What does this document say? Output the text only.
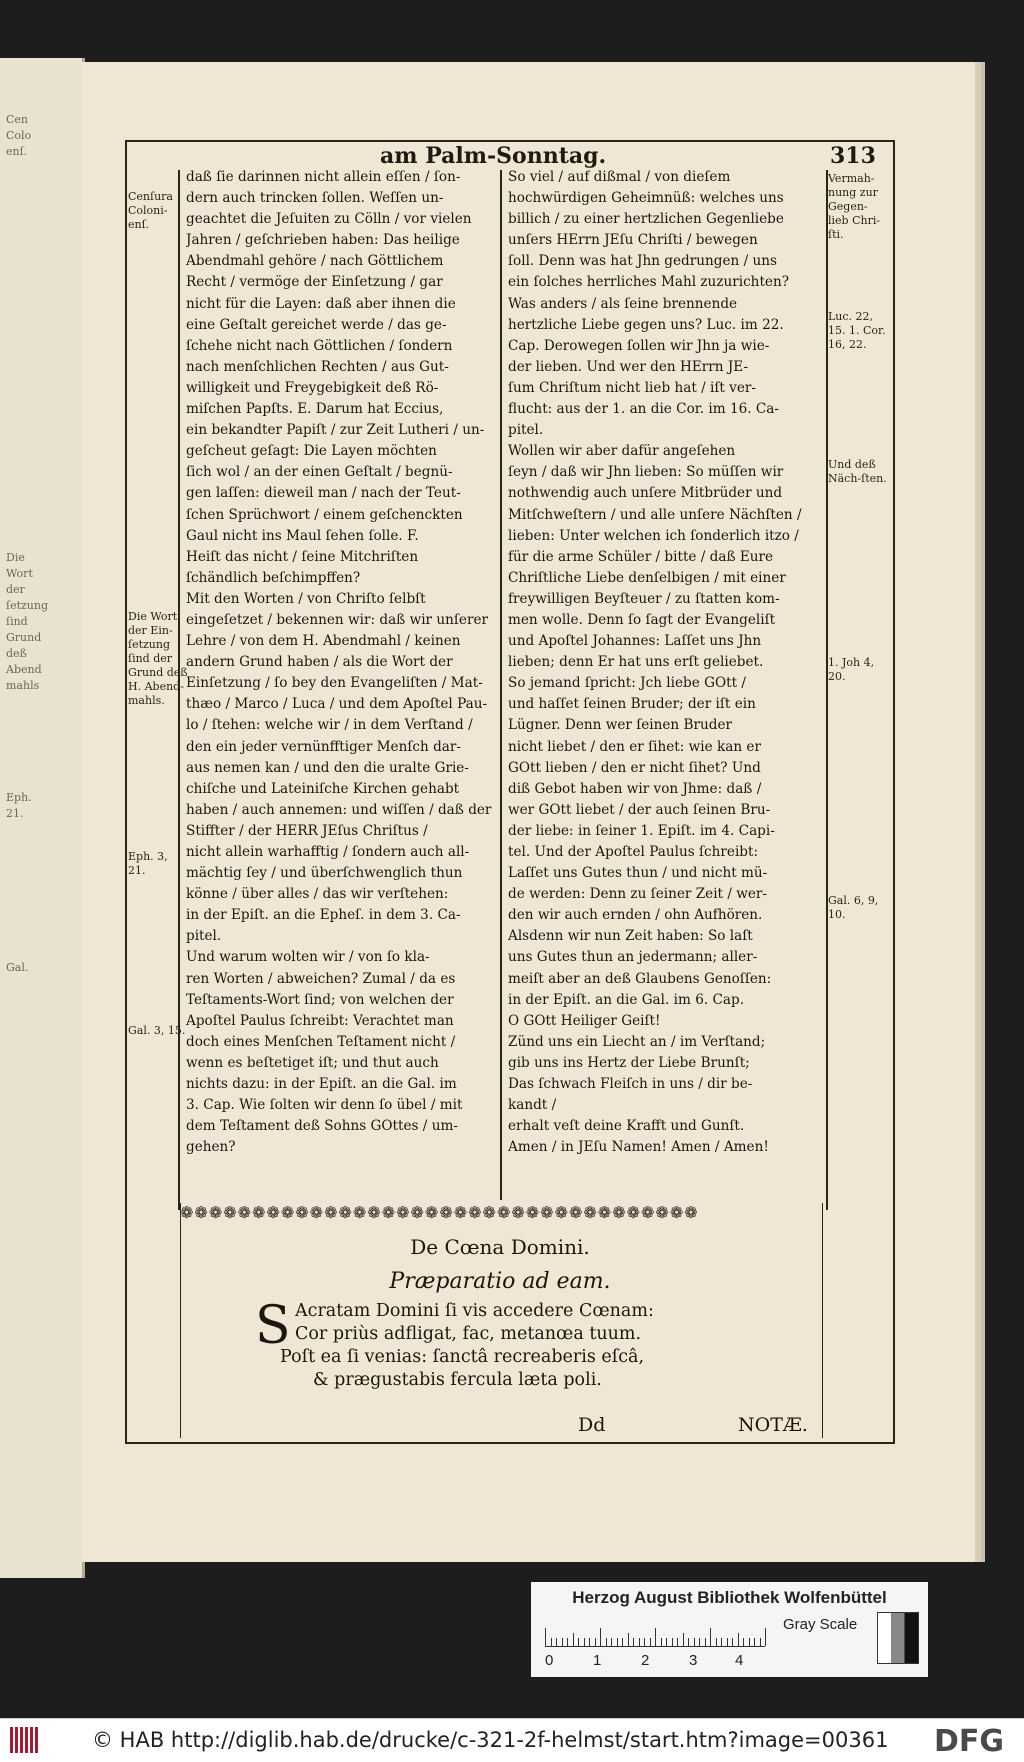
Cen
Colo
enſ.
Die
Wort
der
ſetzung
ſind
Grund
deß
Abend
mahls
Eph.
21.
Gal.
am Palm-Sonntag.	313
Cenſura Coloni-enſ.
Die Wort der Ein-ſetzung ſind der Grund deß H. Abend-mahls.
Eph. 3, 21.
Gal. 3, 15.
Vermah-nung zur Gegen-lieb Chri-ſti.
Luc. 22, 15. 1. Cor. 16, 22.
Und deß Näch-ſten.
1. Joh 4, 20.
Gal. 6, 9, 10.
daß ſie darinnen nicht allein eſſen / ſon-
dern auch trincken ſollen. Weſſen un-
geachtet die Jeſuiten zu Cölln / vor vielen
Jahren / geſchrieben haben: Das heilige
Abendmahl gehöre / nach Göttlichem
Recht / vermöge der Einſetzung / gar
nicht für die Layen: daß aber ihnen die
eine Geſtalt gereichet werde / das ge-
ſchehe nicht nach Göttlichen / ſondern
nach menſchlichen Rechten / aus Gut-
willigkeit und Freygebigkeit deß Rö-
miſchen Papſts. E. Darum hat Eccius,
ein bekandter Papiſt / zur Zeit Lutheri / un-
geſcheut geſagt: Die Layen möchten
ſich wol / an der einen Geſtalt / begnü-
gen laſſen: dieweil man / nach der Teut-
ſchen Sprüchwort / einem geſchenckten
Gaul nicht ins Maul ſehen ſolle. F.
Heiſt das nicht / ſeine Mitchriſten
ſchändlich beſchimpffen?
Mit den Worten / von Chriſto ſelbſt
eingeſetzet / bekennen wir: daß wir unſerer
Lehre / von dem H. Abendmahl / keinen
andern Grund haben / als die Wort der
Einſetzung / ſo bey den Evangeliſten / Mat-
thæo / Marco / Luca / und dem Apoſtel Pau-
lo / ſtehen: welche wir / in dem Verſtand /
den ein jeder vernünfftiger Menſch dar-
aus nemen kan / und den die uralte Grie-
chiſche und Lateiniſche Kirchen gehabt
haben / auch annemen: und wiſſen / daß der
Stiffter / der HERR JEſus Chriſtus /
nicht allein warhafftig / ſondern auch all-
mächtig ſey / und überſchwenglich thun
könne / über alles / das wir verſtehen:
in der Epiſt. an die Epheſ. in dem 3. Ca-
pitel.
Und warum wolten wir / von ſo kla-
ren Worten / abweichen? Zumal / da es
Teſtaments-Wort ſind; von welchen der
Apoſtel Paulus ſchreibt: Verachtet man
doch eines Menſchen Teſtament nicht /
wenn es beſtetiget iſt; und thut auch
nichts dazu: in der Epiſt. an die Gal. im
3. Cap. Wie ſolten wir denn ſo übel / mit
dem Teſtament deß Sohns GOttes / um-
gehen?
So viel / auf dißmal / von dieſem
hochwürdigen Geheimnüß: welches uns
billich / zu einer hertzlichen Gegenliebe
unſers HErrn JEſu Chriſti / bewegen
ſoll. Denn was hat Jhn gedrungen / uns
ein ſolches herrliches Mahl zuzurichten?
Was anders / als ſeine brennende
hertzliche Liebe gegen uns? Luc. im 22.
Cap. Derowegen ſollen wir Jhn ja wie-
der lieben. Und wer den HErrn JE-
ſum Chriſtum nicht lieb hat / iſt ver-
flucht: aus der 1. an die Cor. im 16. Ca-
pitel.
Wollen wir aber dafür angeſehen
ſeyn / daß wir Jhn lieben: So müſſen wir
nothwendig auch unſere Mitbrüder und
Mitſchweſtern / und alle unſere Nächſten /
lieben: Unter welchen ich ſonderlich itzo /
für die arme Schüler / bitte / daß Eure
Chriſtliche Liebe denſelbigen / mit einer
freywilligen Beyſteuer / zu ſtatten kom-
men wolle. Denn ſo ſagt der Evangeliſt
und Apoſtel Johannes: Laſſet uns Jhn
lieben; denn Er hat uns erſt geliebet.
So jemand ſpricht: Jch liebe GOtt /
und haſſet ſeinen Bruder; der iſt ein
Lügner. Denn wer ſeinen Bruder
nicht liebet / den er ſihet: wie kan er
GOtt lieben / den er nicht ſihet? Und
diß Gebot haben wir von Jhme: daß /
wer GOtt liebet / der auch ſeinen Bru-
der liebe: in ſeiner 1. Epiſt. im 4. Capi-
tel. Und der Apoſtel Paulus ſchreibt:
Laſſet uns Gutes thun / und nicht mü-
de werden: Denn zu ſeiner Zeit / wer-
den wir auch ernden / ohn Aufhören.
Alsdenn wir nun Zeit haben: So laſt
uns Gutes thun an jedermann; aller-
meiſt aber an deß Glaubens Genoſſen:
in der Epiſt. an die Gal. im 6. Cap.
O GOtt Heiliger Geiſt!
Zünd uns ein Liecht an / im Verſtand;
gib uns ins Hertz der Liebe Brunſt;
Das ſchwach Fleiſch in uns / dir be-
kandt /
erhalt veſt deine Krafft und Gunſt.
Amen / in JEſu Namen! Amen / Amen!
❁❁❁❁❁❁❁❁❁❁❁❁❁❁❁❁❁❁❁❁❁❁❁❁❁❁❁❁❁❁❁❁❁❁❁❁
De Cœna Domini.
Præparatio ad eam.
S Acratam Domini ſi vis accedere Cœnam:
Cor priùs adfligat, fac, metanœa tuum.
Poſt ea ſi venias: ſanctâ recreaberis eſcâ,
& prægustabis fercula læta poli.
Dd	NOTÆ.
Herzog August Bibliothek Wolfenbüttel
0	1	2	3	4
Gray Scale
© HAB http://diglib.hab.de/drucke/c-321-2f-helmst/start.htm?image=00361 DFG
